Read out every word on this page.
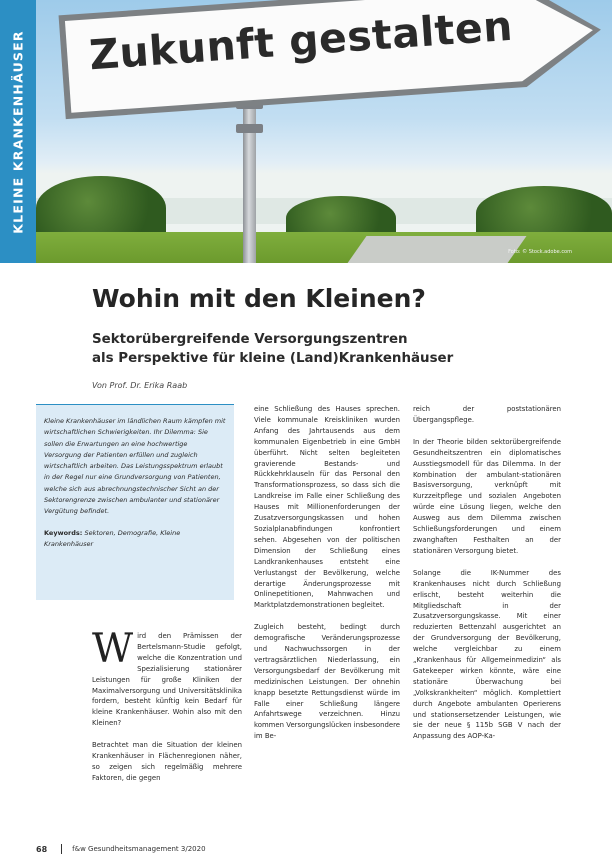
Zukunft gestalten
Foto: © Stock.adobe.com
KLEINE KRANKENHÄUSER
Wohin mit den Kleinen?
Sektorübergreifende Versorgungszentren
als Perspektive für kleine (Land)Krankenhäuser
Von Prof. Dr. Erika Raab

Kleine Krankenhäuser im ländlichen Raum kämpfen mit wirtschaftlichen Schwierigkeiten. Ihr Dilemma: Sie sollen die Erwartungen an eine hochwertige Versorgung der Patienten erfüllen und zugleich wirtschaftlich arbeiten. Das Leistungsspektrum erlaubt in der Regel nur eine Grundversorgung von Patienten, welche sich aus abrechnungstechnischer Sicht an der Sektorengrenze zwischen ambulanter und stationärer Vergütung befindet.

Keywords: Sektoren, Demografie, Kleine Krankenhäuser

Wird den Prämissen der Bertelsmann-Studie gefolgt, welche die Konzentration und Spezialisierung stationärer Leistungen für große Kliniken der Maximalversorgung und Universitätsklinika fordern, besteht künftig kein Bedarf für kleine Krankenhäuser. Wohin also mit den Kleinen?

Betrachtet man die Situation der kleinen Krankenhäuser in Flächenregionen näher, so zeigen sich regelmäßig mehrere Faktoren, die gegen

eine Schließung des Hauses sprechen. Viele kommunale Kreiskliniken wurden Anfang des Jahrtausends aus dem kommunalen Eigenbetrieb in eine GmbH überführt. Nicht selten begleiteten gravierende Bestands- und Rückkehrklauseln für das Personal den Transformationsprozess, so dass sich die Landkreise im Falle einer Schließung des Hauses mit Millionenforderungen der Zusatzversorgungskassen und hohen Sozialplanabfindungen konfrontiert sehen. Abgesehen von der politischen Dimension der Schließung eines Landkrankenhauses entsteht eine Verlustangst der Bevölkerung, welche derartige Änderungsprozesse mit Onlinepetitionen, Mahnwachen und Marktplatzdemonstrationen begleitet.

Zugleich besteht, bedingt durch demografische Veränderungsprozesse und Nachwuchssorgen in der vertragsärztlichen Niederlassung, ein Versorgungsbedarf der Bevölkerung mit medizinischen Leistungen. Der ohnehin knapp besetzte Rettungsdienst würde im Falle einer Schließung längere Anfahrtswege verzeichnen. Hinzu kommen Versorgungslücken insbesondere im Be-

reich der poststationären Übergangspflege.

In der Theorie bilden sektorübergreifende Gesundheitszentren ein diplomatisches Ausstiegsmodell für das Dilemma. In der Kombination der ambulant-stationären Basisversorgung, verknüpft mit Kurzzeitpflege und sozialen Angeboten würde eine Lösung liegen, welche den Ausweg aus dem Dilemma zwischen Schließungsforderungen und einem zwanghaften Festhalten an der stationären Versorgung bietet.

Solange die IK-Nummer des Krankenhauses nicht durch Schließung erlischt, besteht weiterhin die Mitgliedschaft in der Zusatzversorgungskasse. Mit einer reduzierten Bettenzahl ausgerichtet an der Grundversorgung der Bevölkerung, welche vergleichbar zu einem „Krankenhaus für Allgemeinmedizin“ als Gatekeeper wirken könnte, wäre eine stationäre Überwachung bei „Volkskrankheiten“ möglich. Komplettiert durch Angebote ambulanten Operierens und stationsersetzender Leistungen, wie sie der neue § 115b SGB V nach der Anpassung des AOP-Ka-

68	f&w Gesundheitsmanagement 3/2020
